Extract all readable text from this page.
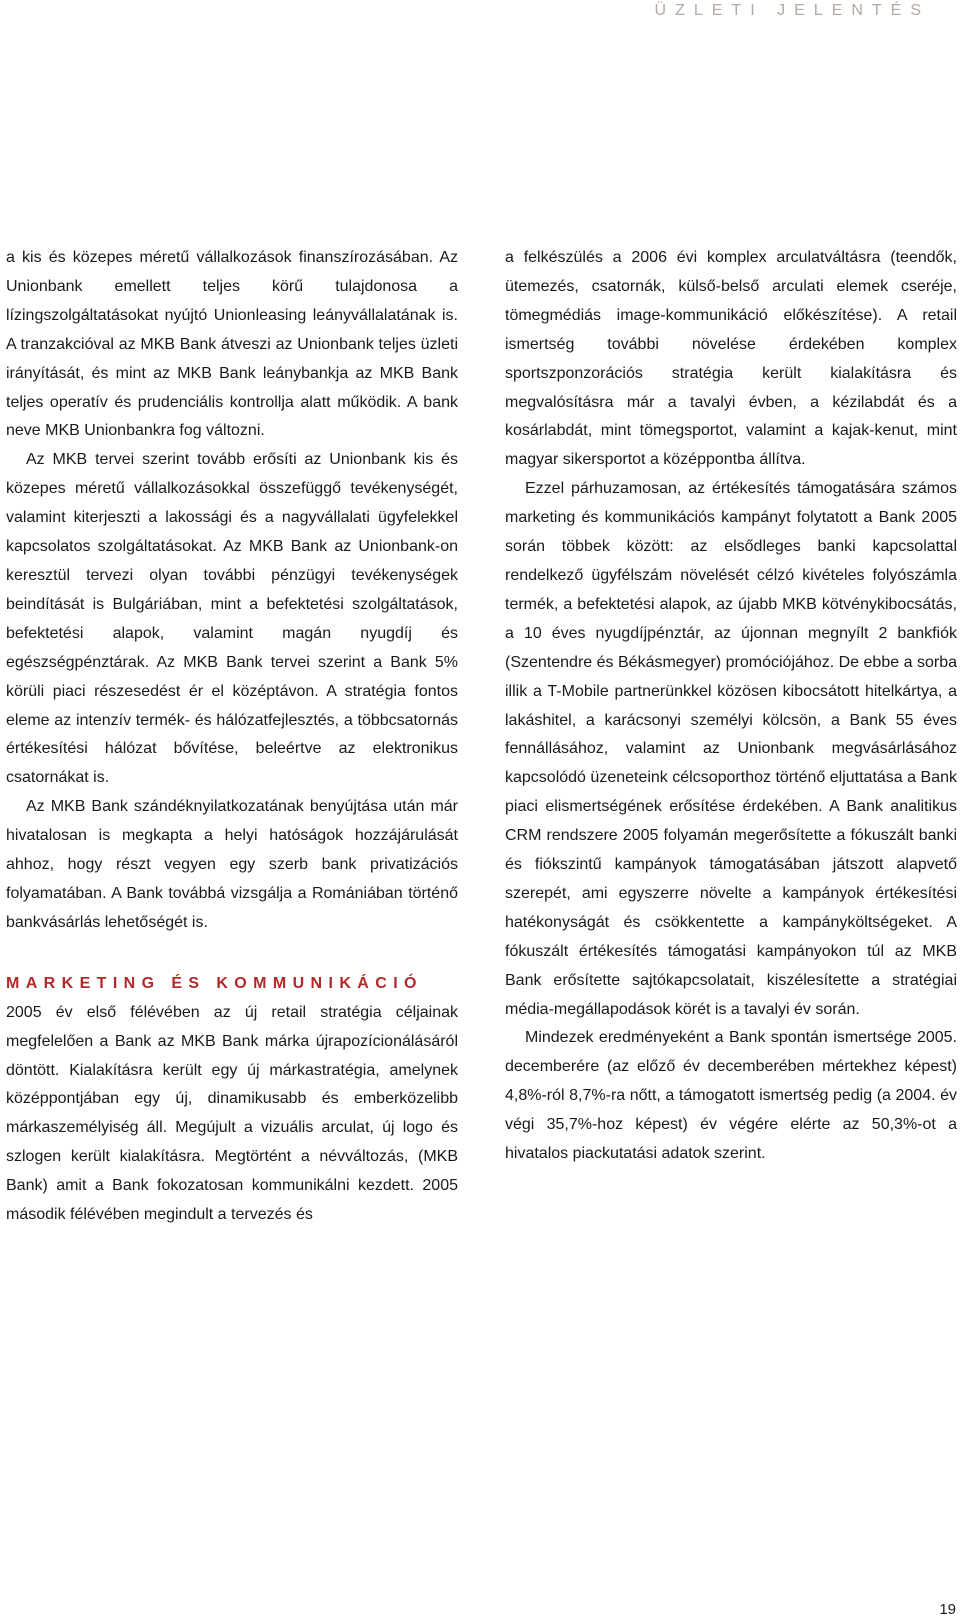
ÜZLETI JELENTÉS

a kis és közepes méretű vállalkozások finanszírozásában. Az Unionbank emellett teljes körű tulajdonosa a lízingszolgáltatásokat nyújtó Unionleasing leányvállalatának is. A tranzakcióval az MKB Bank átveszi az Unionbank teljes üzleti irányítását, és mint az MKB Bank leánybankja az MKB Bank teljes operatív és prudenciális kontrollja alatt működik. A bank neve MKB Unionbankra fog változni.

Az MKB tervei szerint tovább erősíti az Unionbank kis és közepes méretű vállalkozásokkal összefüggő tevékenységét, valamint kiterjeszti a lakossági és a nagyvállalati ügyfelekkel kapcsolatos szolgáltatásokat. Az MKB Bank az Unionbank-on keresztül tervezi olyan további pénzügyi tevékenységek beindítását is Bulgáriában, mint a befektetési szolgáltatások, befektetési alapok, valamint magán nyugdíj és egészségpénztárak. Az MKB Bank tervei szerint a Bank 5% körüli piaci részesedést ér el középtávon. A stratégia fontos eleme az intenzív termék- és hálózatfejlesztés, a többcsatornás értékesítési hálózat bővítése, beleértve az elektronikus csatornákat is.

Az MKB Bank szándéknyilatkozatának benyújtása után már hivatalosan is megkapta a helyi hatóságok hozzájárulását ahhoz, hogy részt vegyen egy szerb bank privatizációs folyamatában. A Bank továbbá vizsgálja a Romániában történő bankvásárlás lehetőségét is.

MARKETING ÉS KOMMUNIKÁCIÓ

2005 év első félévében az új retail stratégia céljainak megfelelően a Bank az MKB Bank márka újrapozícionálásáról döntött. Kialakításra került egy új márkastratégia, amelynek középpontjában egy új, dinamikusabb és emberközelibb márkaszemélyiség áll. Megújult a vizuális arculat, új logo és szlogen került kialakításra. Megtörtént a névváltozás, (MKB Bank) amit a Bank fokozatosan kommunikálni kezdett. 2005 második félévében megindult a tervezés és

a felkészülés a 2006 évi komplex arculatváltásra (teendők, ütemezés, csatornák, külső-belső arculati elemek cseréje, tömegmédiás image-kommunikáció előkészítése). A retail ismertség további növelése érdekében komplex sportszponzorációs stratégia került kialakításra és megvalósításra már a tavalyi évben, a kézilabdát és a kosárlabdát, mint tömegsportot, valamint a kajak-kenut, mint magyar sikersportot a középpontba állítva.

Ezzel párhuzamosan, az értékesítés támogatására számos marketing és kommunikációs kampányt folytatott a Bank 2005 során többek között: az elsődleges banki kapcsolattal rendelkező ügyfélszám növelését célzó kivételes folyószámla termék, a befektetési alapok, az újabb MKB kötvénykibocsátás, a 10 éves nyugdíjpénztár, az újonnan megnyílt 2 bankfiók (Szentendre és Békásmegyer) promóciójához. De ebbe a sorba illik a T-Mobile partnerünkkel közösen kibocsátott hitelkártya, a lakáshitel, a karácsonyi személyi kölcsön, a Bank 55 éves fennállásához, valamint az Unionbank megvásárlásához kapcsolódó üzeneteink célcsoporthoz történő eljuttatása a Bank piaci elismertségének erősítése érdekében. A Bank analitikus CRM rendszere 2005 folyamán megerősítette a fókuszált banki és fiókszintű kampányok támogatásában játszott alapvető szerepét, ami egyszerre növelte a kampányok értékesítési hatékonyságát és csökkentette a kampányköltségeket. A fókuszált értékesítés támogatási kampányokon túl az MKB Bank erősítette sajtókapcsolatait, kiszélesítette a stratégiai média-megállapodások körét is a tavalyi év során.

Mindezek eredményeként a Bank spontán ismertsége 2005. decemberére (az előző év decemberében mértekhez képest) 4,8%-ról 8,7%-ra nőtt, a támogatott ismertség pedig (a 2004. év végi 35,7%-hoz képest) év végére elérte az 50,3%-ot a hivatalos piackutatási adatok szerint.

19
